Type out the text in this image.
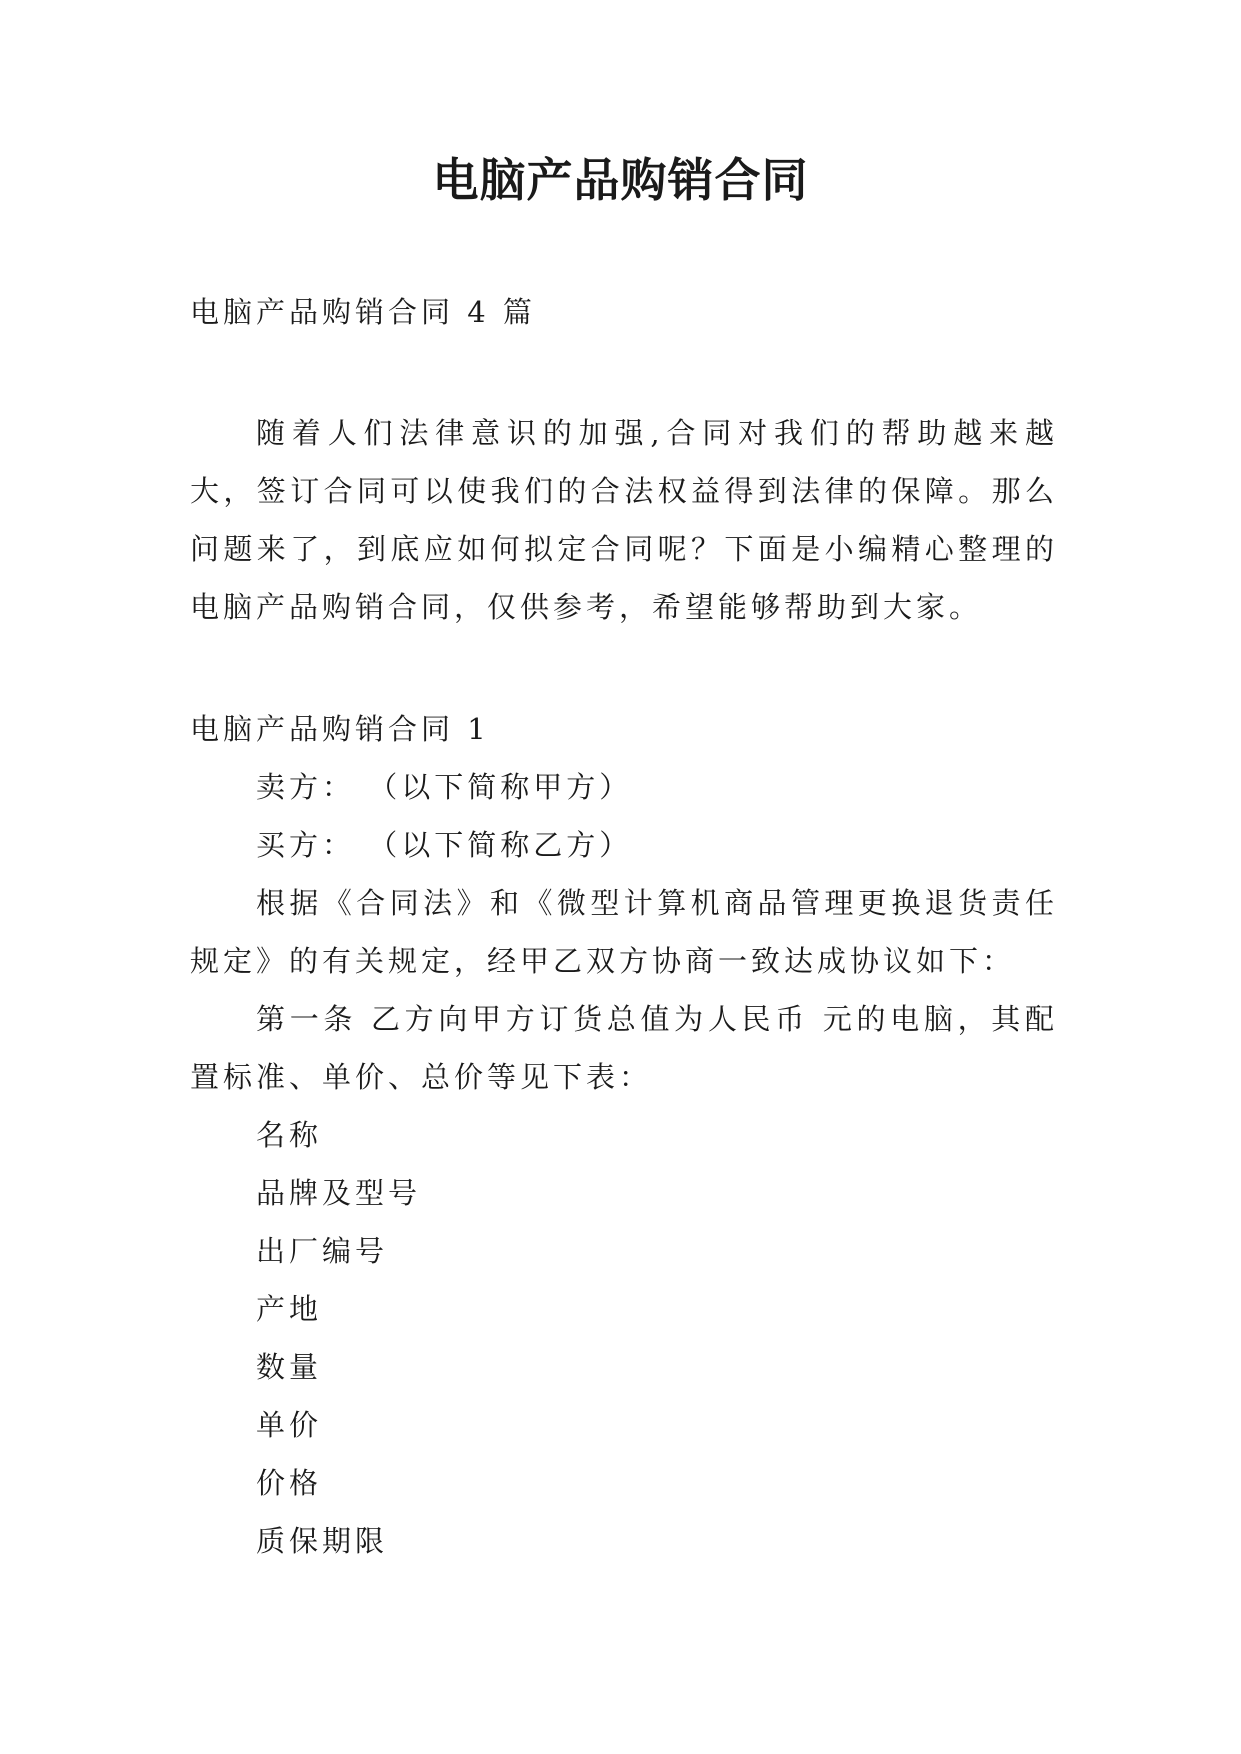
电脑产品购销合同

电脑产品购销合同 4 篇

随着人们法律意识的加强,合同对我们的帮助越来越大，签订合同可以使我们的合法权益得到法律的保障。那么问题来了，到底应如何拟定合同呢？下面是小编精心整理的电脑产品购销合同，仅供参考，希望能够帮助到大家。

电脑产品购销合同 1

卖方： （以下简称甲方）

买方： （以下简称乙方）

根据《合同法》和《微型计算机商品管理更换退货责任规定》的有关规定，经甲乙双方协商一致达成协议如下：

第一条 乙方向甲方订货总值为人民币 元的电脑，其配置标准、单价、总价等见下表：

名称

品牌及型号

出厂编号

产地

数量

单价

价格

质保期限
